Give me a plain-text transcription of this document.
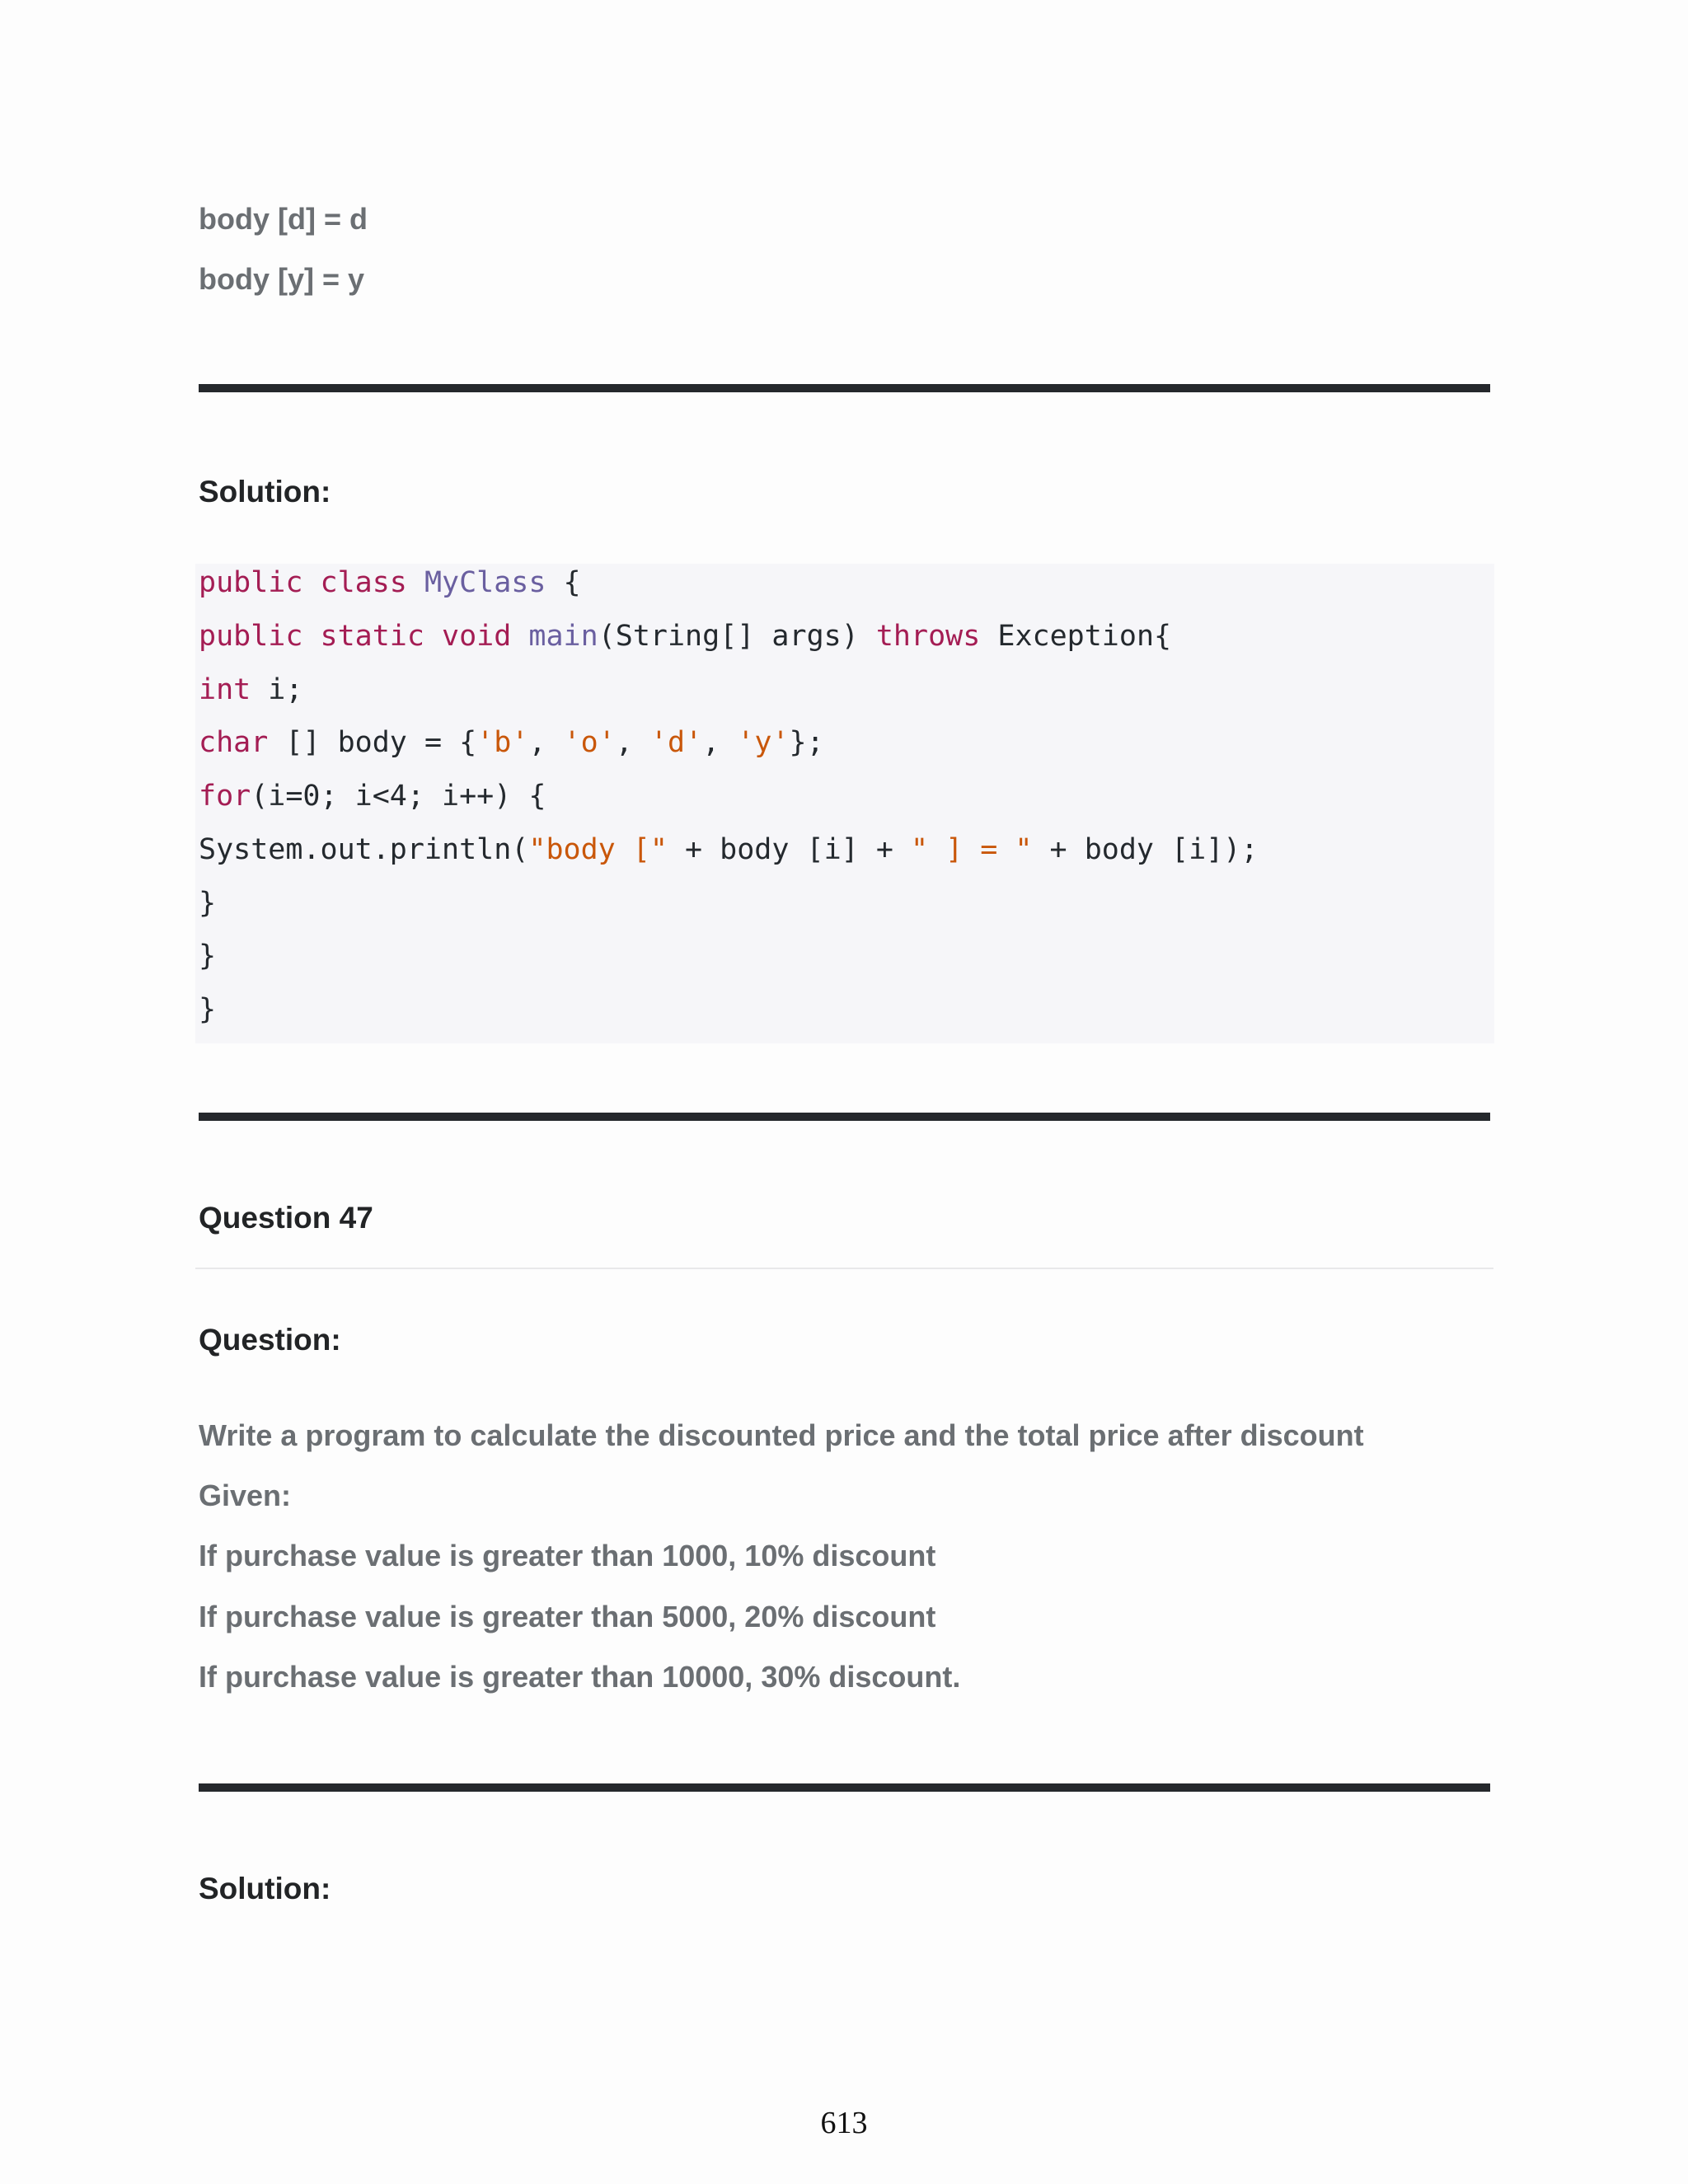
body [d] = d
body [y] = y
Solution:
public class MyClass {
public static void main(String[] args) throws Exception{
int i;
char [] body = {'b', 'o', 'd', 'y'};
for(i=0; i<4; i++) {
System.out.println("body [" + body [i] + " ] = " + body [i]);
}
}
}
Question 47
Question:
Write a program to calculate the discounted price and the total price after discount
Given:
If purchase value is greater than 1000, 10% discount
If purchase value is greater than 5000, 20% discount
If purchase value is greater than 10000, 30% discount.
Solution:
613
